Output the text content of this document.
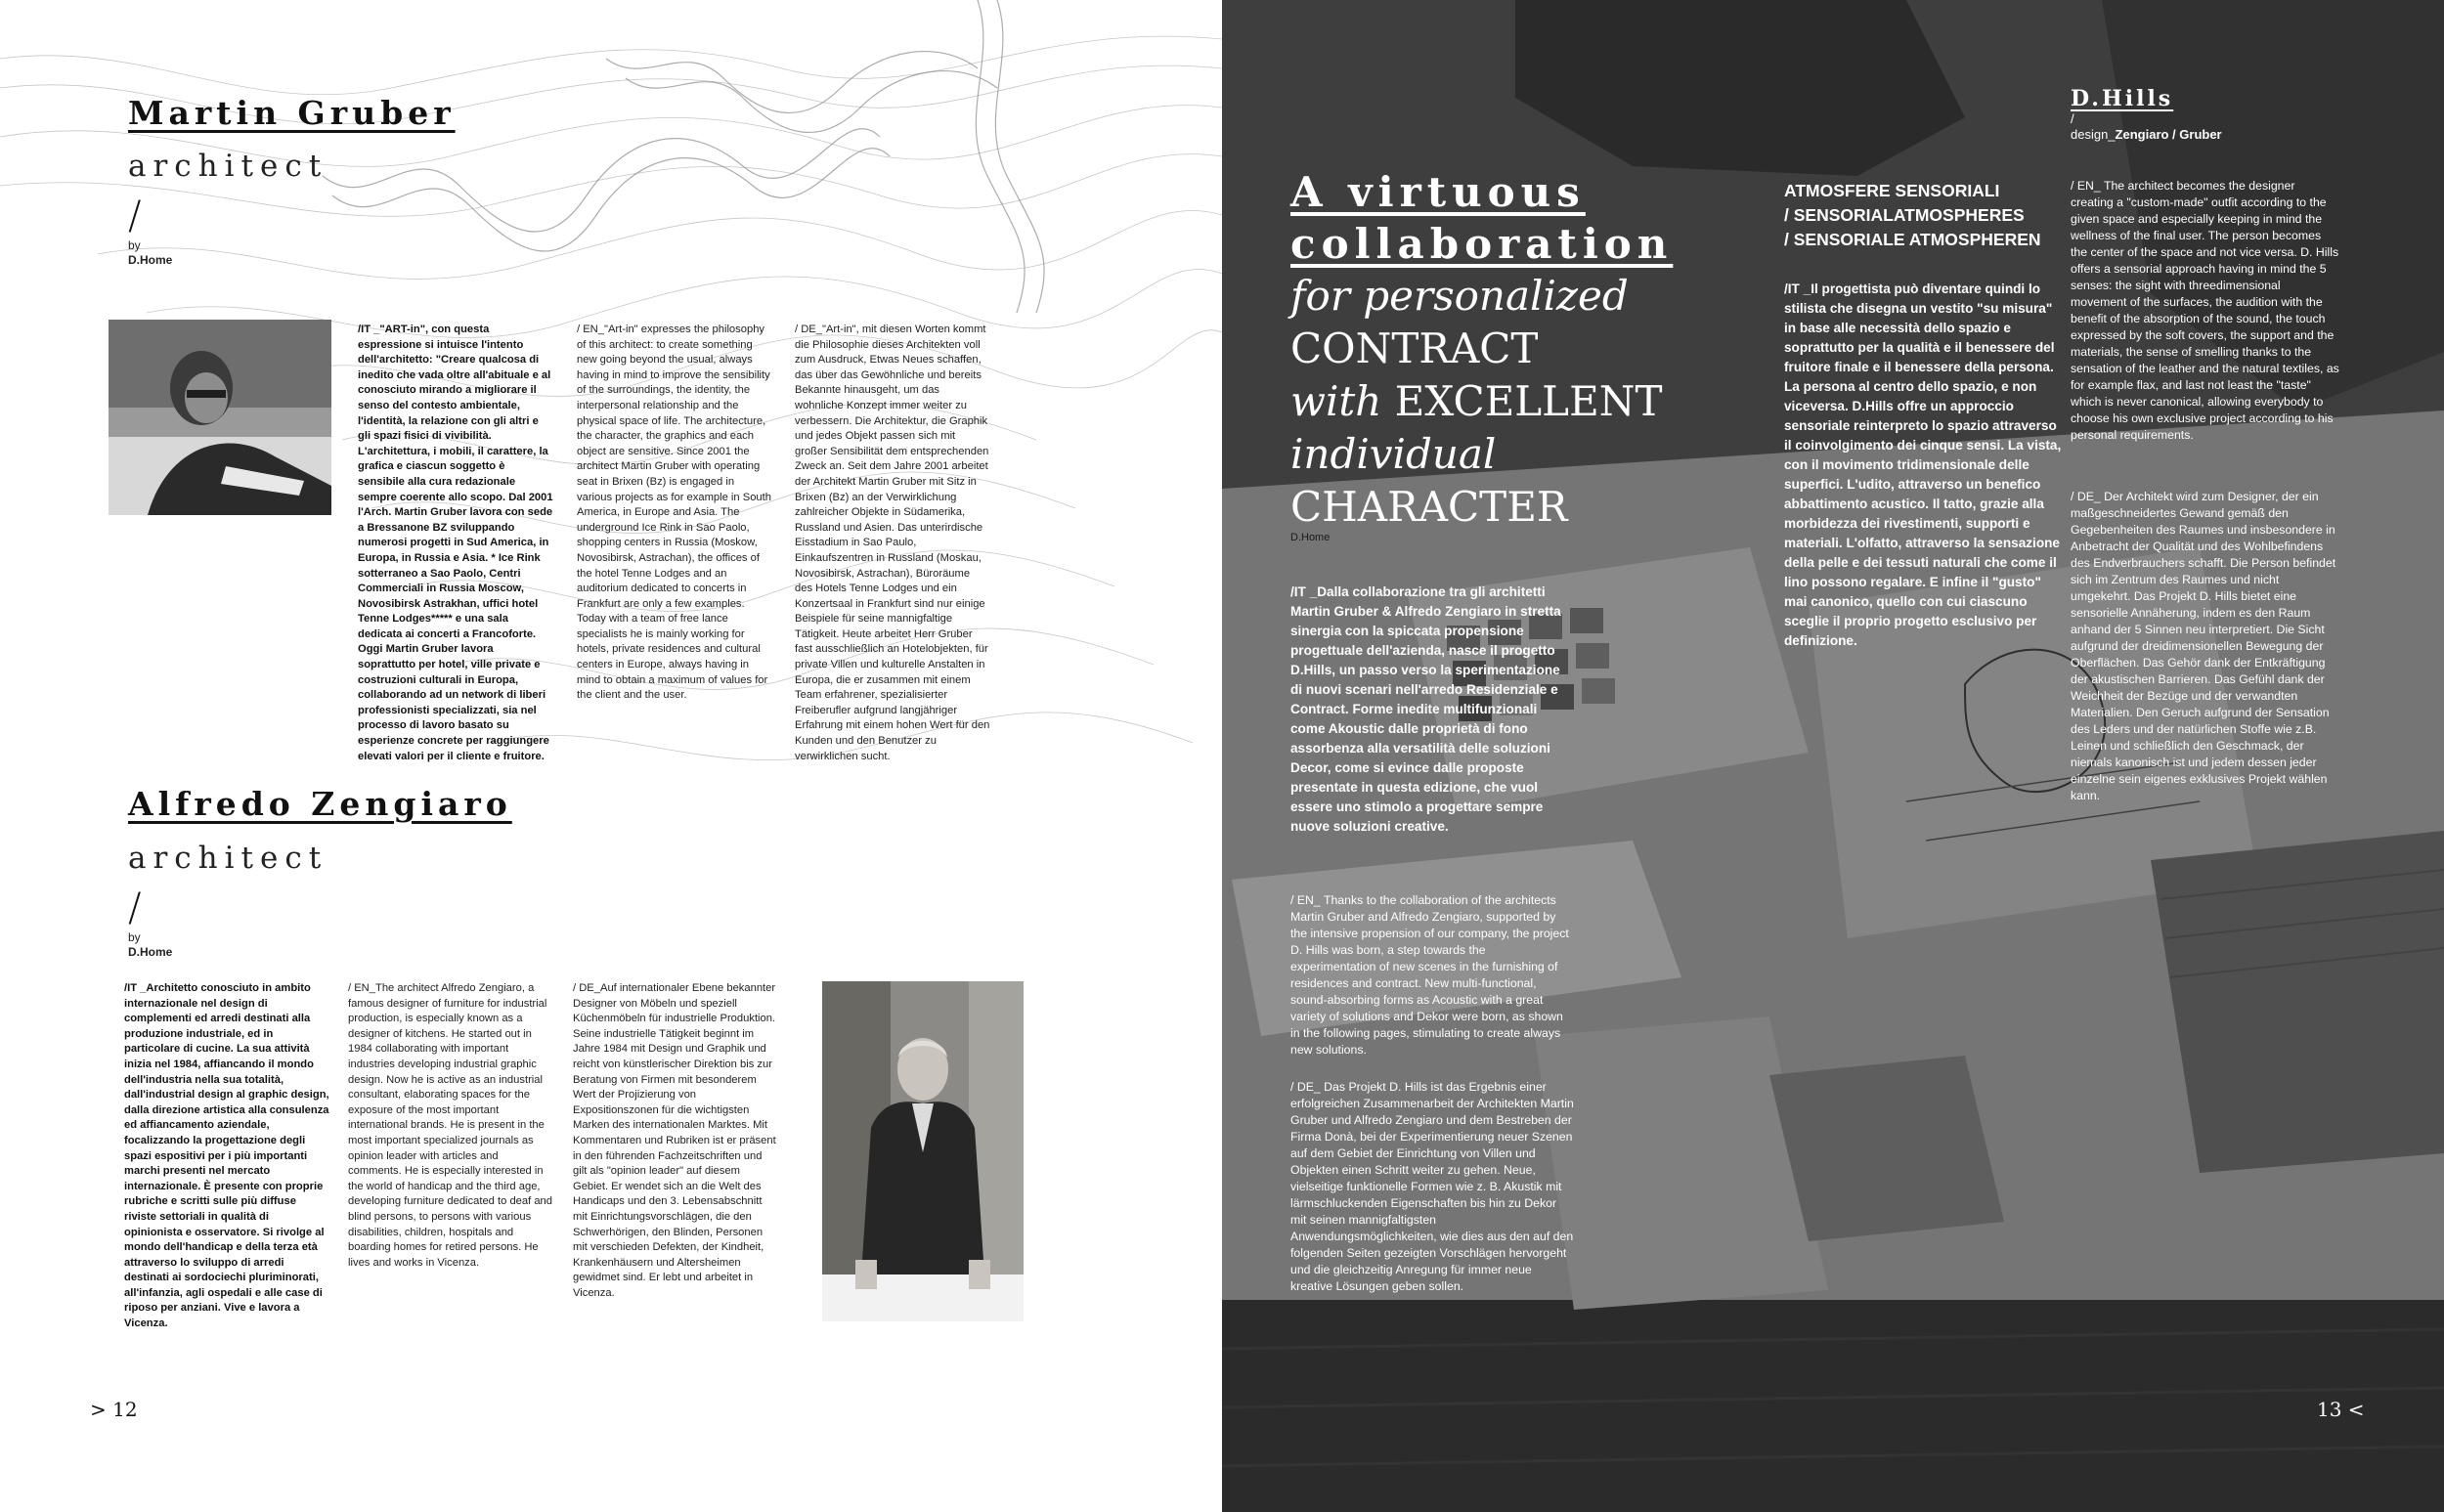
Martin Gruber
architect
/
by
D.Home
/IT _"ART-in", con questa espressione si intuisce l'intento dell'architetto: "Creare qualcosa di inedito che vada oltre all'abituale e al conosciuto mirando a migliorare il senso del contesto ambientale, l'identità, la relazione con gli altri e gli spazi fisici di vivibilità. L'architettura, i mobili, il carattere, la grafica e ciascun soggetto è sensibile alla cura redazionale sempre coerente allo scopo. Dal 2001 l'Arch. Martin Gruber lavora con sede a Bressanone BZ sviluppando numerosi progetti in Sud America, in Europa, in Russia e Asia. * Ice Rink sotterraneo a Sao Paolo, Centri Commerciali in Russia Moscow, Novosibirsk Astrakhan, uffici hotel Tenne Lodges***** e una sala dedicata ai concerti a Francoforte. Oggi Martin Gruber lavora soprattutto per hotel, ville private e costruzioni culturali in Europa, collaborando ad un network di liberi professionisti specializzati, sia nel processo di lavoro basato su esperienze concrete per raggiungere elevati valori per il cliente e fruitore.
/ EN_"Art-in" expresses the philosophy of this architect: to create something new going beyond the usual, always having in mind to improve the sensibility of the surroundings, the identity, the interpersonal relationship and the physical space of life. The architecture, the character, the graphics and each object are sensitive. Since 2001 the architect Martin Gruber with operating seat in Brixen (Bz) is engaged in various projects as for example in South America, in Europe and Asia. The underground Ice Rink in Sao Paolo, shopping centers in Russia (Moskow, Novosibirsk, Astrachan), the offices of the hotel Tenne Lodges and an auditorium dedicated to concerts in Frankfurt are only a few examples. Today with a team of free lance specialists he is mainly working for hotels, private residences and cultural centers in Europe, always having in mind to obtain a maximum of values for the client and the user.
/ DE_"Art-in", mit diesen Worten kommt die Philosophie dieses Architekten voll zum Ausdruck, Etwas Neues schaffen, das über das Gewöhnliche und bereits Bekannte hinausgeht, um das wohnliche Konzept immer weiter zu verbessern. Die Architektur, die Graphik und jedes Objekt passen sich mit großer Sensibilität dem entsprechenden Zweck an. Seit dem Jahre 2001 arbeitet der Architekt Martin Gruber mit Sitz in Brixen (Bz) an der Verwirklichung zahlreicher Objekte in Südamerika, Russland und Asien. Das unterirdische Eisstadium in Sao Paulo, Einkaufszentren in Russland (Moskau, Novosibirsk, Astrachan), Büroräume des Hotels Tenne Lodges und ein Konzertsaal in Frankfurt sind nur einige Beispiele für seine mannigfaltige Tätigkeit. Heute arbeitet Herr Gruber fast ausschließlich an Hotelobjekten, für private Villen und kulturelle Anstalten in Europa, die er zusammen mit einem Team erfahrener, spezialisierter Freiberufler aufgrund langjähriger Erfahrung mit einem hohen Wert für den Kunden und den Benutzer zu verwirklichen sucht.
Alfredo Zengiaro
architect
/
by
D.Home
/IT _Architetto conosciuto in ambito internazionale nel design di complementi ed arredi destinati alla produzione industriale, ed in particolare di cucine. La sua attività inizia nel 1984, affiancando il mondo dell'industria nella sua totalità, dall'industrial design al graphic design, dalla direzione artistica alla consulenza ed affiancamento aziendale, focalizzando la progettazione degli spazi espositivi per i più importanti marchi presenti nel mercato internazionale. È presente con proprie rubriche e scritti sulle più diffuse riviste settoriali in qualità di opinionista e osservatore. Si rivolge al mondo dell'handicap e della terza età attraverso lo sviluppo di arredi destinati ai sordociechi pluriminorati, all'infanzia, agli ospedali e alle case di riposo per anziani. Vive e lavora a Vicenza.
/ EN_The architect Alfredo Zengiaro, a famous designer of furniture for industrial production, is especially known as a designer of kitchens. He started out in 1984 collaborating with important industries developing industrial graphic design. Now he is active as an industrial consultant, elaborating spaces for the exposure of the most important international brands. He is present in the most important specialized journals as opinion leader with articles and comments. He is especially interested in the world of handicap and the third age, developing furniture dedicated to deaf and blind persons, to persons with various disabilities, children, hospitals and boarding homes for retired persons. He lives and works in Vicenza.
/ DE_Auf internationaler Ebene bekannter Designer von Möbeln und speziell Küchenmöbeln für industrielle Produktion. Seine industrielle Tätigkeit beginnt im Jahre 1984 mit Design und Graphik und reicht von künstlerischer Direktion bis zur Beratung von Firmen mit besonderem Wert der Projizierung von Expositionszonen für die wichtigsten Marken des internationalen Marktes. Mit Kommentaren und Rubriken ist er präsent in den führenden Fachzeitschriften und gilt als "opinion leader" auf diesem Gebiet. Er wendet sich an die Welt des Handicaps und den 3. Lebensabschnitt mit Einrichtungsvorschlägen, die den Schwerhörigen, den Blinden, Personen mit verschieden Defekten, der Kindheit, Krankenhäusern und Altersheimen gewidmet sind. Er lebt und arbeitet in Vicenza.
> 12
A virtuous
collaboration
for personalized
CONTRACT
with EXCELLENT
individual
CHARACTER
D.Home
/IT _Dalla collaborazione tra gli architetti Martin Gruber & Alfredo Zengiaro in stretta sinergia con la spiccata propensione progettuale dell'azienda, nasce il progetto D.Hills, un passo verso la sperimentazione di nuovi scenari nell'arredo Residenziale e Contract. Forme inedite multifunzionali come Akoustic dalle proprietà di fono assorbenza alla versatilità delle soluzioni Decor, come si evince dalle proposte presentate in questa edizione, che vuol essere uno stimolo a progettare sempre nuove soluzioni creative.
/ EN_ Thanks to the collaboration of the architects Martin Gruber and Alfredo Zengiaro, supported by the intensive propension of our company, the project D. Hills was born, a step towards the experimentation of new scenes in the furnishing of residences and contract. New multi-functional, sound-absorbing forms as Acoustic with a great variety of solutions and Dekor were born, as shown in the following pages, stimulating to create always new solutions.
/ DE_ Das Projekt D. Hills ist das Ergebnis einer erfolgreichen Zusammenarbeit der Architekten Martin Gruber und Alfredo Zengiaro und dem Bestreben der Firma Donà, bei der Experimentierung neuer Szenen auf dem Gebiet der Einrichtung von Villen und Objekten einen Schritt weiter zu gehen. Neue, vielseitige funktionelle Formen wie z. B. Akustik mit lärmschluckenden Eigenschaften bis hin zu Dekor mit seinen mannigfaltigsten Anwendungsmöglichkeiten, wie dies aus den auf den folgenden Seiten gezeigten Vorschlägen hervorgeht und die gleichzeitig Anregung für immer neue kreative Lösungen geben sollen.
ATMOSFERE SENSORIALI
/ SENSORIALATMOSPHERES
/ SENSORIALE ATMOSPHEREN
/IT _Il progettista può diventare quindi lo stilista che disegna un vestito "su misura" in base alle necessità dello spazio e soprattutto per la qualità e il benessere del fruitore finale e il benessere della persona. La persona al centro dello spazio, e non viceversa. D.Hills offre un approccio sensoriale reinterpreto lo spazio attraverso il coinvolgimento dei cinque sensi. La vista, con il movimento tridimensionale delle superfici. L'udito, attraverso un benefico abbattimento acustico. Il tatto, grazie alla morbidezza dei rivestimenti, supporti e materiali. L'olfatto, attraverso la sensazione della pelle e dei tessuti naturali che come il lino possono regalare. E infine il "gusto" mai canonico, quello con cui ciascuno sceglie il proprio progetto esclusivo per definizione.
D.Hills
/
design_Zengiaro / Gruber
/ EN_ The architect becomes the designer creating a "custom-made" outfit according to the given space and especially keeping in mind the wellness of the final user. The person becomes the center of the space and not vice versa. D. Hills offers a sensorial approach having in mind the 5 senses: the sight with threedimensional movement of the surfaces, the audition with the benefit of the absorption of the sound, the touch expressed by the soft covers, the support and the materials, the sense of smelling thanks to the sensation of the leather and the natural textiles, as for example flax, and last not least the "taste" which is never canonical, allowing everybody to choose his own exclusive project according to his personal requirements.
/ DE_ Der Architekt wird zum Designer, der ein maßgeschneidertes Gewand gemäß den Gegebenheiten des Raumes und insbesondere in Anbetracht der Qualität und des Wohlbefindens des Endverbrauchers schafft. Die Person befindet sich im Zentrum des Raumes und nicht umgekehrt. Das Projekt D. Hills bietet eine sensorielle Annäherung, indem es den Raum anhand der 5 Sinnen neu interpretiert. Die Sicht aufgrund der dreidimensionellen Bewegung der Oberflächen. Das Gehör dank der Entkräftigung der akustischen Barrieren. Das Gefühl dank der Weichheit der Bezüge und der verwandten Materialien. Den Geruch aufgrund der Sensation des Leders und der natürlichen Stoffe wie z.B. Leinen und schließlich den Geschmack, der niemals kanonisch ist und jedem dessen jeder einzelne sein eigenes exklusives Projekt wählen kann.
13 <
